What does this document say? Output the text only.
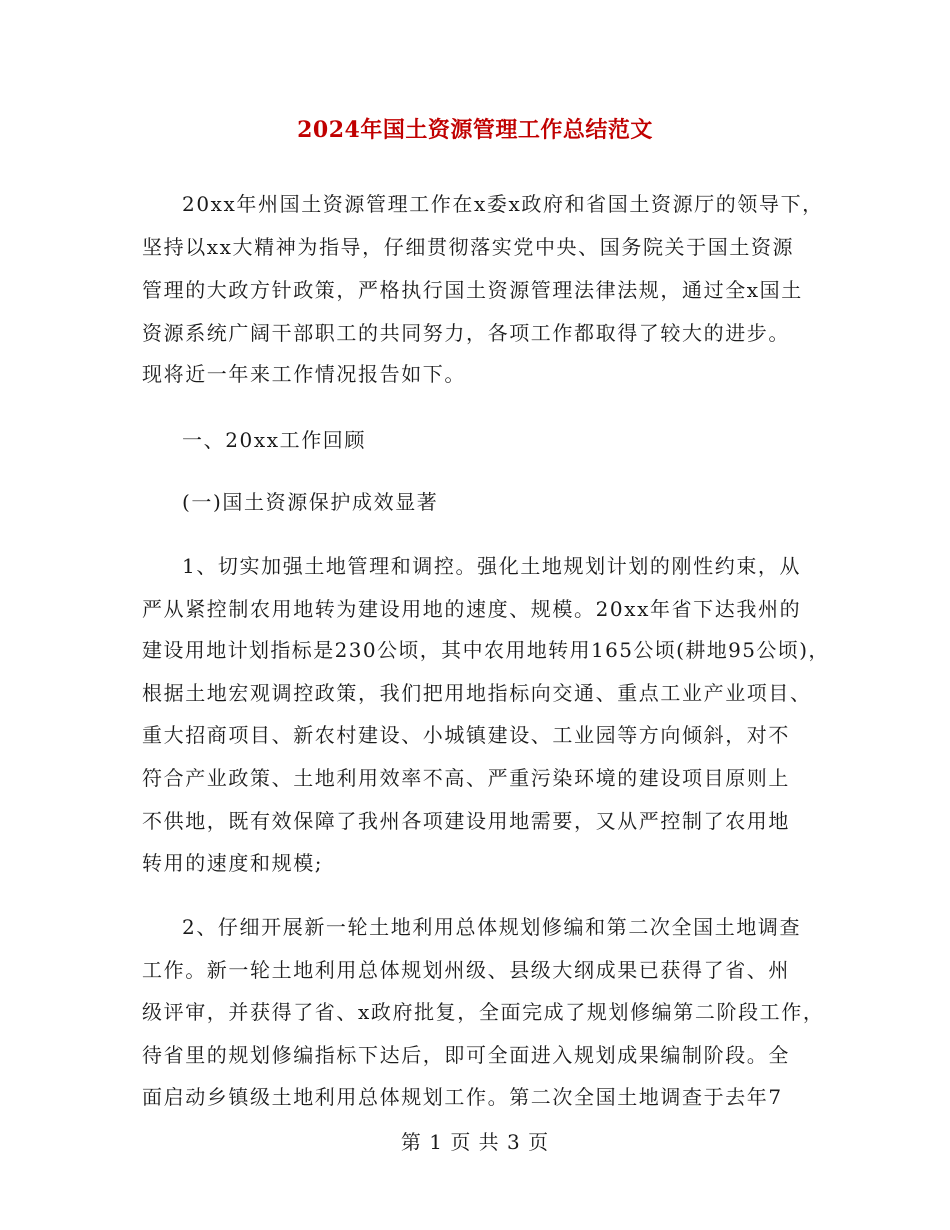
2024年国土资源管理工作总结范文
20xx年州国土资源管理工作在x委x政府和省国土资源厅的领导下，
坚持以xx大精神为指导，仔细贯彻落实党中央、国务院关于国土资源
管理的大政方针政策，严格执行国土资源管理法律法规，通过全x国土
资源系统广阔干部职工的共同努力，各项工作都取得了较大的进步。
现将近一年来工作情况报告如下。
一、20xx工作回顾
(一)国土资源保护成效显著
1、切实加强土地管理和调控。强化土地规划计划的刚性约束，从
严从紧控制农用地转为建设用地的速度、规模。20xx年省下达我州的
建设用地计划指标是230公顷，其中农用地转用165公顷(耕地95公顷)，
根据土地宏观调控政策，我们把用地指标向交通、重点工业产业项目、
重大招商项目、新农村建设、小城镇建设、工业园等方向倾斜，对不
符合产业政策、土地利用效率不高、严重污染环境的建设项目原则上
不供地，既有效保障了我州各项建设用地需要，又从严控制了农用地
转用的速度和规模;
2、仔细开展新一轮土地利用总体规划修编和第二次全国土地调查
工作。新一轮土地利用总体规划州级、县级大纲成果已获得了省、州
级评审，并获得了省、x政府批复，全面完成了规划修编第二阶段工作，
待省里的规划修编指标下达后，即可全面进入规划成果编制阶段。全
面启动乡镇级土地利用总体规划工作。第二次全国土地调查于去年7
第 1 页 共 3 页
